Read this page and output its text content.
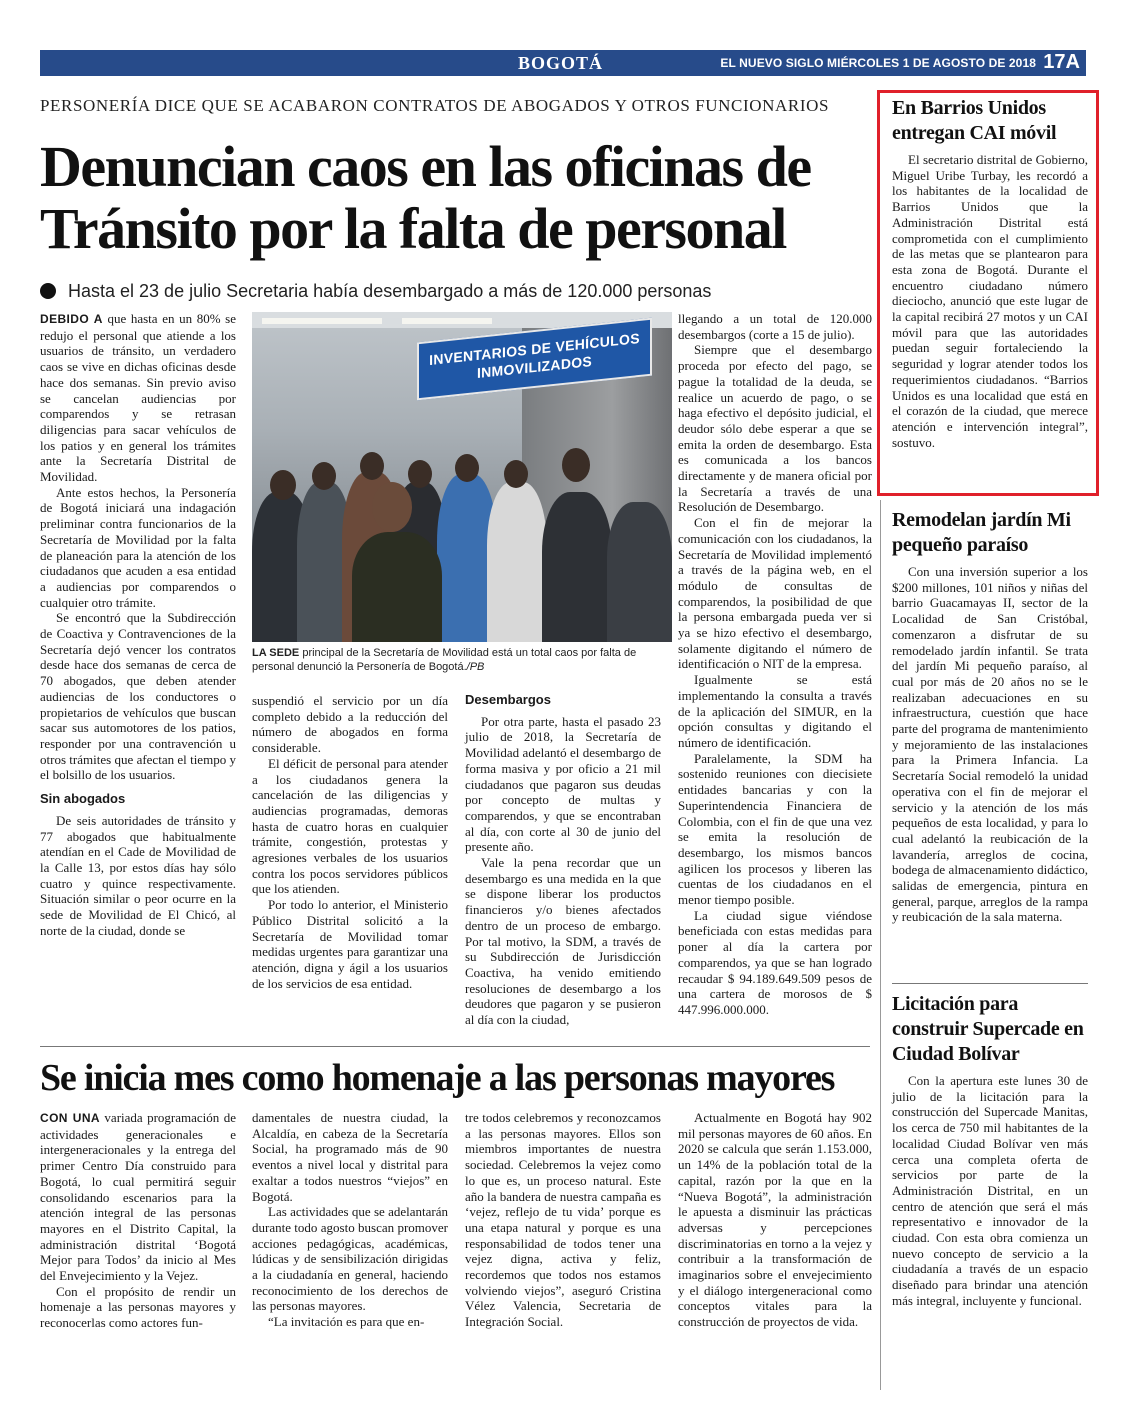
BOGOTÁ	EL NUEVO SIGLO MIÉRCOLES 1 DE AGOSTO DE 2018 17A
PERSONERÍA DICE QUE SE ACABARON CONTRATOS DE ABOGADOS Y OTROS FUNCIONARIOS
Denuncian caos en las oficinas de
Tránsito por la falta de personal
Hasta el 23 de julio Secretaria había desembargado a más de 120.000 personas

DEBIDO A que hasta en un 80% se redujo el personal que atiende a los usuarios de tránsito, un verdadero caos se vive en dichas oficinas desde hace dos semanas. Sin previo aviso se cancelan audiencias por comparendos y se retrasan diligencias para sacar vehículos de los patios y en general los trámites ante la Secretaría Distrital de Movilidad.

Ante estos hechos, la Personería de Bogotá iniciará una indagación preliminar contra funcionarios de la Secretaría de Movilidad por la falta de planeación para la atención de los ciudadanos que acuden a esa entidad a audiencias por comparendos o cualquier otro trámite.

Se encontró que la Subdirección de Coactiva y Contravenciones de la Secretaría dejó vencer los contratos desde hace dos semanas de cerca de 70 abogados, que deben atender audiencias de los conductores o propietarios de vehículos que buscan sacar sus automotores de los patios, responder por una contravención u otros trámites que afectan el tiempo y el bolsillo de los usuarios.

Sin abogados

De seis autoridades de tránsito y 77 abogados que habitualmente atendían en el Cade de Movilidad de la Calle 13, por estos días hay sólo cuatro y quince respectivamente. Situación similar o peor ocurre en la sede de Movilidad de El Chicó, al norte de la ciudad, donde se

INVENTARIOS DE VEHÍCULOS INMOVILIZADOS
LA SEDE principal de la Secretaría de Movilidad está un total caos por falta de personal denunció la Personería de Bogotá./PB

suspendió el servicio por un día completo debido a la reducción del número de abogados en forma considerable.

El déficit de personal para atender a los ciudadanos genera la cancelación de las diligencias y audiencias programadas, demoras hasta de cuatro horas en cualquier trámite, congestión, protestas y agresiones verbales de los usuarios contra los pocos servidores públicos que los atienden.

Por todo lo anterior, el Ministerio Público Distrital solicitó a la Secretaría de Movilidad tomar medidas urgentes para garantizar una atención, digna y ágil a los usuarios de los servicios de esa entidad.

Desembargos

Por otra parte, hasta el pasado 23 julio de 2018, la Secretaría de Movilidad adelantó el desembargo de forma masiva y por oficio a 21 mil ciudadanos que pagaron sus deudas por concepto de multas y comparendos, y que se encontraban al día, con corte al 30 de junio del presente año.

Vale la pena recordar que un desembargo es una medida en la que se dispone liberar los productos financieros y/o bienes afectados dentro de un proceso de embargo. Por tal motivo, la SDM, a través de su Subdirección de Jurisdicción Coactiva, ha venido emitiendo resoluciones de desembargo a los deudores que pagaron y se pusieron al día con la ciudad,

llegando a un total de 120.000 desembargos (corte a 15 de julio).

Siempre que el desembargo proceda por efecto del pago, se pague la totalidad de la deuda, se realice un acuerdo de pago, o se haga efectivo el depósito judicial, el deudor sólo debe esperar a que se emita la orden de desembargo. Esta es comunicada a los bancos directamente y de manera oficial por la Secretaría a través de una Resolución de Desembargo.

Con el fin de mejorar la comunicación con los ciudadanos, la Secretaría de Movilidad implementó a través de la página web, en el módulo de consultas de comparendos, la posibilidad de que la persona embargada pueda ver si ya se hizo efectivo el desembargo, solamente digitando el número de identificación o NIT de la empresa.

Igualmente se está implementando la consulta a través de la aplicación del SIMUR, en la opción consultas y digitando el número de identificación.

Paralelamente, la SDM ha sostenido reuniones con diecisiete entidades bancarias y con la Superintendencia Financiera de Colombia, con el fin de que una vez se emita la resolución de desembargo, los mismos bancos agilicen los procesos y liberen las cuentas de los ciudadanos en el menor tiempo posible.

La ciudad sigue viéndose beneficiada con estas medidas para poner al día la cartera por comparendos, ya que se han logrado recaudar $ 94.189.649.509 pesos de una cartera de morosos de $ 447.996.000.000.

Se inicia mes como homenaje a las personas mayores

CON UNA variada programación de actividades generacionales e intergeneracionales y la entrega del primer Centro Día construido para Bogotá, lo cual permitirá seguir consolidando escenarios para la atención integral de las personas mayores en el Distrito Capital, la administración distrital ‘Bogotá Mejor para Todos’ da inicio al Mes del Envejecimiento y la Vejez.

Con el propósito de rendir un homenaje a las personas mayores y reconocerlas como actores fun-

damentales de nuestra ciudad, la Alcaldía, en cabeza de la Secretaría Social, ha programado más de 90 eventos a nivel local y distrital para exaltar a todos nuestros “viejos” en Bogotá.

Las actividades que se adelantarán durante todo agosto buscan promover acciones pedagógicas, académicas, lúdicas y de sensibilización dirigidas a la ciudadanía en general, haciendo reconocimiento de los derechos de las personas mayores.

“La invitación es para que en-

tre todos celebremos y reconozcamos a las personas mayores. Ellos son miembros importantes de nuestra sociedad. Celebremos la vejez como lo que es, un proceso natural. Este año la bandera de nuestra campaña es ‘vejez, reflejo de tu vida’ porque es una etapa natural y porque es una responsabilidad de todos tener una vejez digna, activa y feliz, recordemos que todos nos estamos volviendo viejos”, aseguró Cristina Vélez Valencia, Secretaria de Integración Social.

Actualmente en Bogotá hay 902 mil personas mayores de 60 años. En 2020 se calcula que serán 1.153.000, un 14% de la población total de la capital, razón por la que en la “Nueva Bogotá”, la administración le apuesta a disminuir las prácticas adversas y percepciones discriminatorias en torno a la vejez y contribuir a la transformación de imaginarios sobre el envejecimiento y el diálogo intergeneracional como conceptos vitales para la construcción de proyectos de vida.

En Barrios Unidos entregan CAI móvil

El secretario distrital de Gobierno, Miguel Uribe Turbay, les recordó a los habitantes de la localidad de Barrios Unidos que la Administración Distrital está comprometida con el cumplimiento de las metas que se plantearon para esta zona de Bogotá. Durante el encuentro ciudadano número dieciocho, anunció que este lugar de la capital recibirá 27 motos y un CAI móvil para que las autoridades puedan seguir fortaleciendo la seguridad y lograr atender todos los requerimientos ciudadanos. “Barrios Unidos es una localidad que está en el corazón de la ciudad, que merece atención e intervención integral”, sostuvo.

Remodelan jardín Mi pequeño paraíso

Con una inversión superior a los $200 millones, 101 niños y niñas del barrio Guacamayas II, sector de la Localidad de San Cristóbal, comenzaron a disfrutar de su remodelado jardín infantil. Se trata del jardín Mi pequeño paraíso, al cual por más de 20 años no se le realizaban adecuaciones en su infraestructura, cuestión que hace parte del programa de mantenimiento y mejoramiento de las instalaciones para la Primera Infancia. La Secretaría Social remodeló la unidad operativa con el fin de mejorar el servicio y la atención de los más pequeños de esta localidad, y para lo cual adelantó la reubicación de la lavandería, arreglos de cocina, bodega de almacenamiento didáctico, salidas de emergencia, pintura en general, parque, arreglos de la rampa y reubicación de la sala materna.

Licitación para construir Supercade en Ciudad Bolívar

Con la apertura este lunes 30 de julio de la licitación para la construcción del Supercade Manitas, los cerca de 750 mil habitantes de la localidad Ciudad Bolívar ven más cerca una completa oferta de servicios por parte de la Administración Distrital, en un centro de atención que será el más representativo e innovador de la ciudad. Con esta obra comienza un nuevo concepto de servicio a la ciudadanía a través de un espacio diseñado para brindar una atención más integral, incluyente y funcional.
